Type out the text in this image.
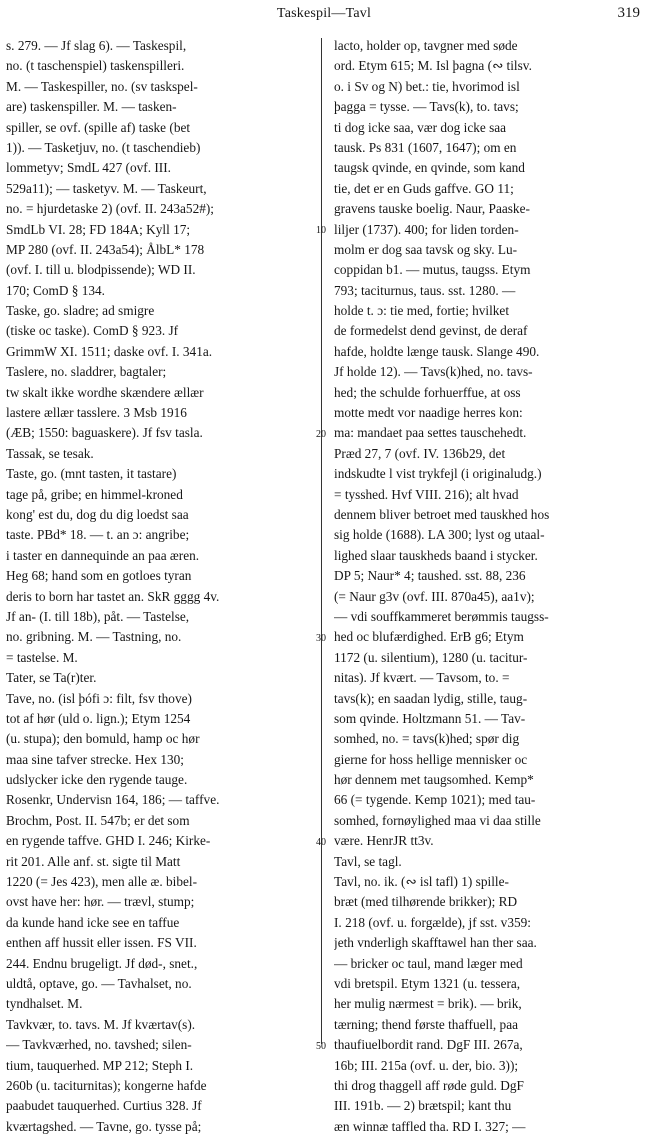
Taskespil—Tavl	319
s. 279. — Jf slag 6). — Taskespil,
no. (t taschenspiel) taskenspilleri.
M. — Taskespiller, no. (sv taskspel-
are) taskenspiller. M. — tasken-
spiller, se ovf. (spille af) taske (bet
1)). — Tasketjuv, no. (t taschendieb)
lommetyv; SmdL 427 (ovf. III.
529a11); — tasketyv. M. — Taskeurt,
no. = hjurdetaske 2) (ovf. II. 243a52#);
SmdLb VI. 28; FD 184A; Kyll 17;
MP 280 (ovf. II. 243a54); ÅlbL* 178
(ovf. I. till u. blodpissende); WD II.
170; ComD § 134.
Taske, go. sladre; ad smigre
(tiske oc taske). ComD § 923. Jf
GrimmW XI. 1511; daske ovf. I. 341a.
Taslere, no. sladdrer, bagtaler;
tw skalt ikke wordhe skændere ællær
lastere ællær tasslere. 3 Msb 1916
(ÆB; 1550: baguaskere). Jf fsv tasla.
Tassak, se tesak.
Taste, go. (mnt tasten, it tastare)
tage på, gribe; en himmel-kroned
kong' est du, dog du dig loedst saa
taste. PBd* 18. — t. an ɔ: angribe;
i taster en dannequinde an paa æren.
Heg 68; hand som en gotloes tyran
deris to born har tastet an. SkR gggg 4v.
Jf an- (I. till 18b), påt. — Tastelse,
no. gribning. M. — Tastning, no.
= tastelse. M.
Tater, se Ta(r)ter.
Tave, no. (isl þófi ɔ: filt, fsv thove)
tot af hør (uld o. lign.); Etym 1254
(u. stupa); den bomuld, hamp oc hør
maa sine tafver strecke. Hex 130;
udslycker icke den rygende tauge.
Rosenkr, Undervisn 164, 186; — taffve.
Brochm, Post. II. 547b; er det som
en rygende taffve. GHD I. 246; Kirke-
rit 201. Alle anf. st. sigte til Matt
1220 (= Jes 423), men alle æ. bibel-
ovst have her: hør. — trævl, stump;
da kunde hand icke see en taffue
enthen aff hussit eller issen. FS VII.
244. Endnu brugeligt. Jf død-, snet.,
uldtå, optave, go. — Tavhalset, no.
tyndhalset. M.
Tavkvær, to. tavs. M. Jf kværtav(s).
— Tavkværhed, no. tavshed; silen-
tium, tauquerhed. MP 212; Steph I.
260b (u. taciturnitas); kongerne hafde
paabudet tauquerhed. Curtius 328. Jf
kværtagshed. — Tavne, go. tysse på;
10
20
30
40
50
lacto, holder op, tavgner med søde
ord. Etym 615; M. Isl þagna (∾ tilsv.
o. i Sv og N) bet.: tie, hvorimod isl
þagga = tysse. — Tavs(k), to. tavs;
ti dog icke saa, vær dog icke saa
tausk. Ps 831 (1607, 1647); om en
taugsk qvinde, en qvinde, som kand
tie, det er en Guds gaffve. GO 11;
gravens tauske boelig. Naur, Paaske-
liljer (1737). 400; for liden torden-
molm er dog saa tavsk og sky. Lu-
coppidan b1. — mutus, taugss. Etym
793; taciturnus, taus. sst. 1280. —
holde t. ɔ: tie med, fortie; hvilket
de formedelst dend gevinst, de deraf
hafde, holdte længe tausk. Slange 490.
Jf holde 12). — Tavs(k)hed, no. tavs-
hed; the schulde forhuerffue, at oss
motte medt vor naadige herres kon:
ma: mandaet paa settes tauschehedt.
Præd 27, 7 (ovf. IV. 136b29, det
indskudte l vist trykfejl (i originaludg.)
= tysshed. Hvf VIII. 216); alt hvad
dennem bliver betroet med tauskhed hos
sig holde (1688). LA 300; lyst og utaal-
lighed slaar tauskheds baand i stycker.
DP 5; Naur* 4; taushed. sst. 88, 236
(= Naur g3v (ovf. III. 870a45), aa1v);
— vdi souffkammeret berømmis taugss-
hed oc blufærdighed. ErB g6; Etym
1172 (u. silentium), 1280 (u. tacitur-
nitas). Jf kvært. — Tavsom, to. =
tavs(k); en saadan lydig, stille, taug-
som qvinde. Holtzmann 51. — Tav-
somhed, no. = tavs(k)hed; spør dig
gierne for hoss hellige mennisker oc
hør dennem met taugsomhed. Kemp*
66 (= tygende. Kemp 1021); med tau-
somhed, fornøylighed maa vi daa stille
være. HenrJR tt3v.
Tavl, se tagl.
Tavl, no. ik. (∾ isl tafl) 1) spille-
bræt (med tilhørende brikker); RD
I. 218 (ovf. u. forgælde), jf sst. v359:
jeth vnderligh skafftawel han ther saa.
— bricker oc taul, mand læger med
vdi bretspil. Etym 1321 (u. tessera,
her mulig nærmest = brik). — brik,
tærning; thend første thaffuell, paa
thaufiuelbordit rand. DgF III. 267a,
16b; III. 215a (ovf. u. der, bio. 3));
thi drog thaggell aff røde guld. DgF
III. 191b. — 2) brætspil; kant thu
æn winnæ taffled tha. RD I. 327; —
